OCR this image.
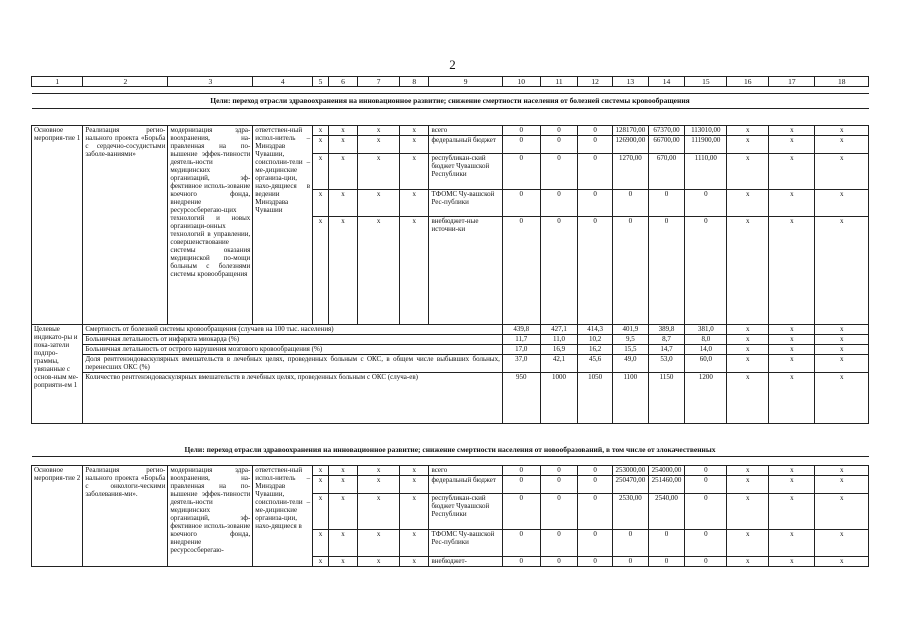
2
1	2	3	4	5	6	7	8	9	10	11	12	13	14	15	16	17	18

Цели: переход отрасли здравоохранения на инновационное развитие; снижение смертности населения от болезней системы кровообращения																	

Основное мероприя-тие 1	Реализация регио-нального проекта «Борьба с сердечно-сосудистыми заболе-ваниями»	модернизация здра-воохранения, на-правленная на по-вышение эффек-тивности деятель-ности медицинских организаций, эф-фективное исполь-зование коечного фонда, внедрение ресурсосберегаю-щих технологий и новых организаци-онных технологий в управлении, совершенствование системы оказания медицинской по-мощи больным с болезнями системы кровообращения	ответствен-ный испол-нитель – Минздрав Чувашии, соисполни-тели – ме-дицинские организа-ции, нахо-дящиеся в ведении Минздрава Чувашии	x	x	x	x	всего	0	0	0	128170,00	67370,00	113010,00	x	x	x
				x	x	x	x	федеральный бюджет	0	0	0	126900,00	66700,00	111900,00	x	x	x
				x	x	x	x	республикан-ский бюджет Чувашской Республики	0	0	0	1270,00	670,00	1110,00	x	x	x
				x	x	x	x	ТФОМС Чу-вашской Рес-публики	0	0	0	0	0	0	x	x	x
				x	x	x	x	внебюджет-ные источни-ки	0	0	0	0	0	0	x	x	x
Целевые индикато-ры и пока-затели подпро-граммы, увязанные с основ-ным ме-роприяти-ем 1	Смертность от болезней системы кровообращения (случаев на 100 тыс. населения)								439,8	427,1	414,3	401,9	389,8	381,0	x	x	x
	Больничная летальность от инфаркта миокарда (%)								11,7	11,0	10,2	9,5	8,7	8,0	x	x	x
	Больничная летальность от острого нарушения мозгового кровообращения (%)								17,0	16,9	16,2	15,5	14,7	14,0	x	x	x
	Доля рентгенэндоваскулярных вмешательств в лечебных целях, проведенных больным с ОКС, в общем числе выбывших больных, перенесших ОКС (%)								37,0	42,1	45,6	49,0	53,0	60,0	x	x	x
	Количество рентгенэндоваскулярных вмешательств в лечебных целях, проведенных больным с ОКС (случа-ев)								950	1000	1050	1100	1150	1200	x	x	x
Цели: переход отрасли здравоохранения на инновационное развитие; снижение смертности населения от новообразований, в том числе от злокачественных																	

Основное мероприя-тие 2	Реализация регио-нального проекта «Борьба с онкологи-ческими заболевания-ми».	модернизация здра-воохранения, на-правленная на по-вышение эффек-тивности деятель-ности медицинских организаций, эф-фективное исполь-зование коечного фонда, внедрение ресурсосберегаю-	ответствен-ный испол-нитель – Минздрав Чувашии, соисполни-тели – ме-дицинские организа-ции, нахо-дящиеся в	x	x	x	x	всего	0	0	0	253000,00	254000,00	0	x	x	x
				x	x	x	x	федеральный бюджет	0	0	0	250470,00	251460,00	0	x	x	x
				x	x	x	x	республикан-ский бюджет Чувашской Республики	0	0	0	2530,00	2540,00	0	x	x	x
				x	x	x	x	ТФОМС Чу-вашской Рес-публики	0	0	0	0	0	0	x	x	x
				x	x	x	x	внебюджет-	0	0	0	0	0	0	x	x	x
